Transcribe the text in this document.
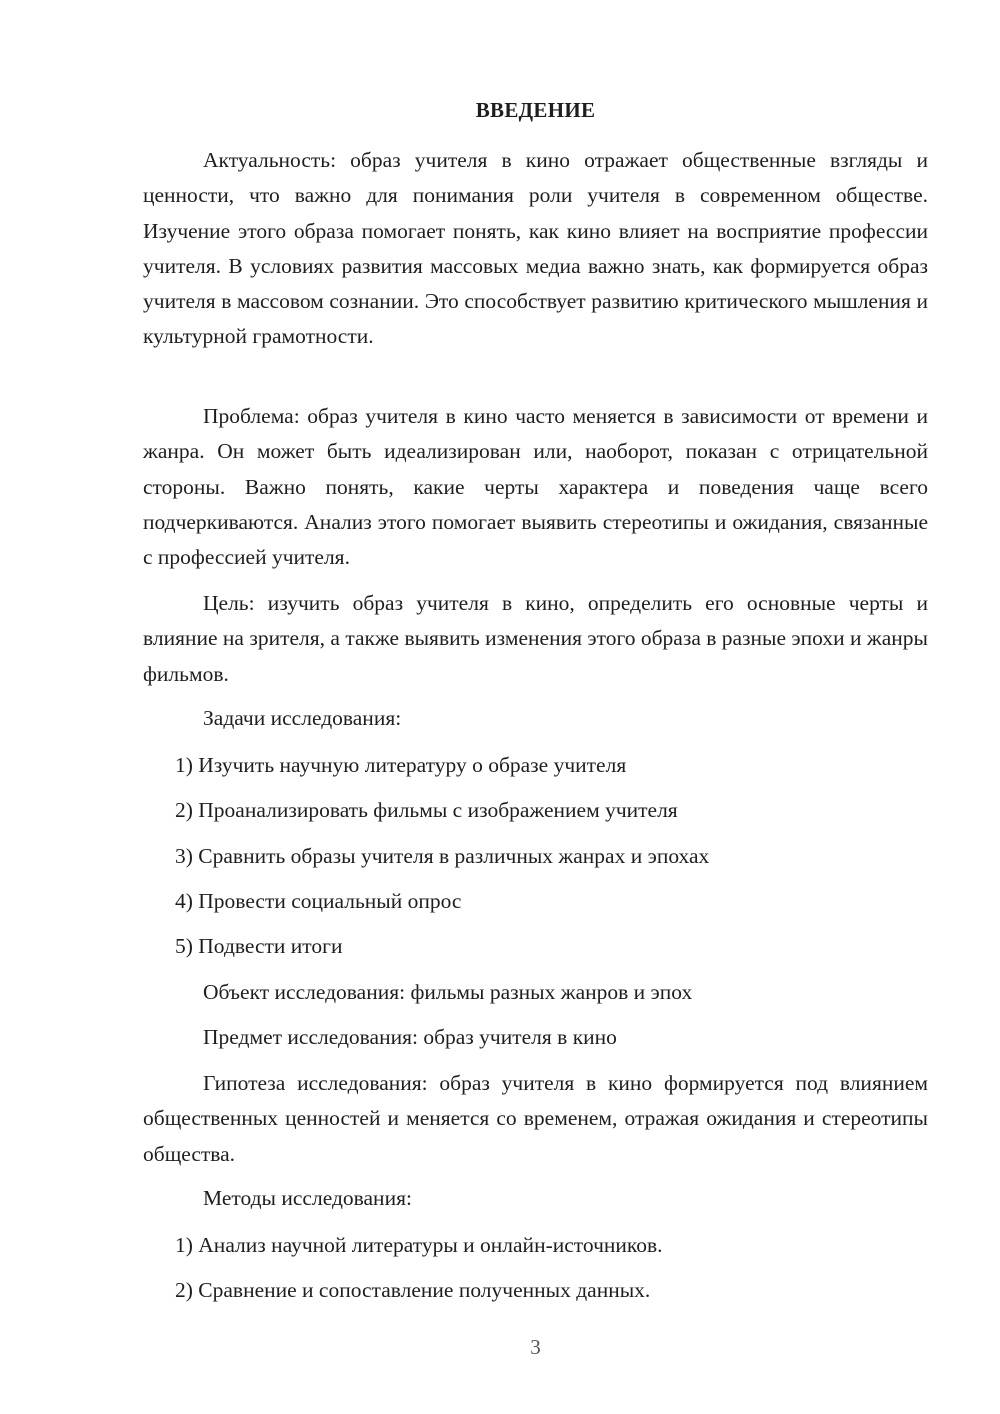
ВВЕДЕНИЕ

Актуальность: образ учителя в кино отражает общественные взгляды и ценности, что важно для понимания роли учителя в современном обществе. Изучение этого образа помогает понять, как кино влияет на восприятие профессии учителя. В условиях развития массовых медиа важно знать, как формируется образ учителя в массовом сознании. Это способствует развитию критического мышления и культурной грамотности.

Проблема: образ учителя в кино часто меняется в зависимости от времени и жанра. Он может быть идеализирован или, наоборот, показан с отрицательной стороны. Важно понять, какие черты характера и поведения чаще всего подчеркиваются. Анализ этого помогает выявить стереотипы и ожидания, связанные с профессией учителя.

Цель: изучить образ учителя в кино, определить его основные черты и влияние на зрителя, а также выявить изменения этого образа в разные эпохи и жанры фильмов.

Задачи исследования:

1) Изучить научную литературу о образе учителя

2) Проанализировать фильмы с изображением учителя

3) Сравнить образы учителя в различных жанрах и эпохах

4) Провести социальный опрос

5) Подвести итоги

Объект исследования: фильмы разных жанров и эпох

Предмет исследования: образ учителя в кино

Гипотеза исследования: образ учителя в кино формируется под влиянием общественных ценностей и меняется со временем, отражая ожидания и стереотипы общества.

Методы исследования:

1) Анализ научной литературы и онлайн-источников.

2) Сравнение и сопоставление полученных данных.

3
